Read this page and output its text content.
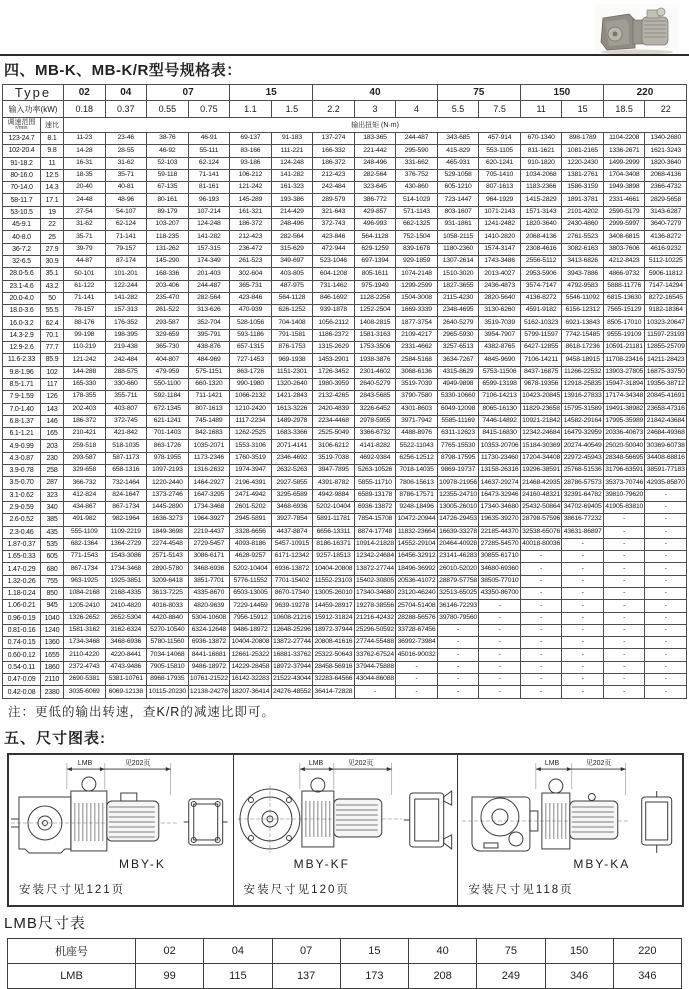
四、MB-K、MB-K/R型号规格表：
Type		02	04	07		15		40			75		150		220	
输入功率(kW)		0.18	0.37	0.55	0.75	1.1	1.5	2.2	3	4	5.5	7.5	11	15	18.5	22

调速范围
r/min	速比	输出扭矩 (N·m)														
123-24.7	8.1	11-23	23-46	38-76	46-91	69-137	91-183	137-274	183-365	244-487	343-685	457-914	670-1340	898-1789	1104-2208	1340-2680
102-20.4	9.8	14-28	28-55	46-92	55-111	83-166	111-221	166-332	221-442	295-590	415-829	553-1105	811-1621	1081-2165	1336-2671	1621-3243
91-18.2	11	16-31	31-62	52-103	62-124	93-186	124-248	186-372	248-496	331-662	465-931	620-1241	910-1820	1220-2430	1499-2999	1820-3640
80-16.0	12.5	18-35	35-71	59-118	71-141	106-212	141-282	212-423	282-564	376-752	529-1058	705-1410	1034-2068	1381-2761	1704-3408	2068-4136
70-14.0	14.3	20-40	40-81	67-135	81-161	121-242	161-323	242-484	323-645	430-860	605-1210	807-1613	1183-2366	1586-3159	1949-3898	2366-4732
58-11.7	17.1	24-48	48-96	80-161	96-193	145-289	193-386	289-579	386-772	514-1029	723-1447	964-1929	1415-2829	1891-3781	2331-4661	2829-5658
53-10.5	19	27-54	54-107	89-179	107-214	161-321	214-429	321-643	429-857	571-1143	803-1607	1071-2143	1571-3143	2101-4202	2590-5179	3143-6287
45-9.1	22	31-62	62-124	103-207	124-248	186-372	248-496	372-743	496-993	662-1325	931-1861	1241-2482	1820-3640	2430-4860	2999-5997	3640-7279
40-8.0	25	35-71	71-141	118-235	141-282	212-423	282-564	423-846	564-1128	752-1504	1058-2115	1410-2820	2068-4136	2761-5523	3408-6815	4136-8272
36-7.2	27.9	39-79	79-157	131-262	157-315	236-472	315-629	472-944	629-1259	839-1678	1180-2360	1574-3147	2308-4616	3082-6163	3803-7606	4616-9232
32-6.5	30.9	44-87	87-174	145-290	174-349	261-523	349-697	523-1046	697-1394	929-1859	1307-2614	1743-3486	2556-5112	3413-6826	4212-8423	5112-10225
28.0-5.6	35.1	50-101	101-201	168-336	201-403	302-604	403-805	604-1208	805-1611	1074-2148	1510-3020	2013-4027	2953-5906	3943-7886	4866-9732	5906-11812
23.1-4.6	43.2	61-122	122-244	203-406	244-487	365-731	487-975	731-1462	975-1949	1299-2599	1827-3655	2436-4873	3574-7147	4792-9583	5888-11776	7147-14294
20.0-4.0	50	71-141	141-282	235-470	282-564	423-846	564-1128	846-1692	1128-2256	1504-3008	2115-4230	2820-5640	4136-8272	5546-11092	6815-13630	8272-16545
18.0-3.6	55.5	78-157	157-313	261-522	313-626	470-939	626-1252	939-1878	1252-2504	1669-3339	2348-4695	3130-6260	4591-9182	6156-12312	7565-15129	9182-18364
16.0-3.2	62.4	88-176	176-352	293-587	352-704	528-1056	704-1408	1056-2112	1408-2815	1877-3754	2640-5279	3519-7039	5162-10323	6921-13843	8505-17010	10323-20647
14.3-2.9	70.1	99-198	198-395	329-659	395-791	593-1186	791-1581	1186-2372	1581-3163	2109-4217	2965-5930	3954-7907	5799-11597	7742-15485	9555-19109	11597-23193
12.9-2.6	77.7	110-219	219-438	365-730	438-876	657-1315	876-1753	1315-2629	1753-3506	2331-4662	3257-6513	4382-8765	6427-12855	8618-17236	10591-21181	12855-25709
11.6-2.33	85.9	121-242	242-484	404-807	484-969	727-1453	969-1938	1453-2901	1938-3876	2584-5168	3634-7267	4845-9690	7106-14211	9458-18915	11708-23416	14211-28423
9.8-1.96	102	144-288	288-575	479-959	575-1151	863-1726	1151-2301	1726-3452	2301-4602	3068-6136	4315-8629	5753-11506	8437-16875	11266-22532	13903-27805	16875-33750
8.5-1.71	117	165-330	330-660	550-1100	660-1320	990-1980	1320-2640	1980-3959	2640-5279	3519-7039	4949-9898	6599-13198	9678-19356	12918-25835	15947-31894	19356-38712
7.9-1.59	126	178-355	355-711	592-1184	711-1421	1066-2132	1421-2843	2132-4265	2843-5685	3790-7580	5330-10660	7106-14213	10423-20845	13916-27833	17174-34348	20845-41691
7.0-1.40	143	202-403	403-807	672-1345	807-1613	1210-2420	1613-3226	2420-4839	3226-6452	4301-8603	6049-12098	8065-16130	11829-23658	15795-31589	19491-38982	23658-47316
6.8-1.37	146	186-372	372-745	621-1241	745-1489	1117-2234	1489-2978	2234-4468	2978-5955	3971-7942	5585-11169	7446-14892	10921-21842	14582-29164	17995-35989	21842-43684
6.1-1.21	165	210-421	421-842	701-1403	842-1683	1262-2525	1683-3366	2525-5049	3366-6732	4488-8976	6311-12623	8415-16830	12342-24684	16479-32959	20336-40673	24684-49368
4.9-0.99	203	259-518	518-1035	863-1726	1035-2071	1553-3106	2071-4141	3106-6212	4141-8282	5522-11043	7765-15530	10353-20706	15184-30369	20274-40549	25020-50040	30369-60738
4.3-0.87	230	293-587	587-1173	978-1955	1173-2346	1760-3519	2346-4692	3519-7038	4692-9384	6256-12512	8798-17595	11730-23460	17204-34408	22972-45943	28348-56695	34408-68816
3.9-0.78	258	329-658	658-1316	1097-2193	1316-2632	1974-3947	2632-5263	3947-7895	5263-10526	7018-14035	9869-19737	13158-26316	19296-38591	25768-51536	31796-63591	38591-77183
3.5-0.70	287	366-732	732-1464	1220-2440	1464-2927	2196-4391	2927-5855	4391-8782	5855-11710	7806-15613	10978-21956	14637-29274	21468-42935	28786-57573	35373-70746	42935-85870
3.1-0.62	323	412-824	824-1647	1373-2746	1647-3295	2471-4942	3295-6589	4942-9884	6589-13178	8786-17571	12355-24710	16473-32946	24160-48321	32391-64782	39810-79620	-
2.9-0.59	340	434-867	867-1734	1445-2890	1734-3468	2601-5202	3468-6936	5202-10404	6936-13872	9248-18496	13005-26010	17340-34680	25432-50864	34702-69405	41905-83810	-
2.6-0.52	385	491-982	982-1964	1636-3273	1964-3927	2945-5891	3927-7854	5891-11781	7854-15708	10472-20944	14726-29453	19635-39270	28798-57596	38616-77232	-	-
2.3-0.46	435	555-1109	1109-2219	1849-3698	2219-4437	3328-6656	4437-8874	6656-13311	8874-17748	11832-23664	16639-33278	22185-44370	32538-65076	43631-86897	-	-
1.87-0.37	535	682-1364	1364-2729	2274-4548	2729-5457	4093-8186	5457-10915	8186-16371	10914-21828	14552-29104	20464-40928	27285-54570	40018-80036	-	-	-
1.65-0.33	605	771-1543	1543-3086	2571-5143	3086-6171	4628-9257	6171-12342	9257-18513	12342-24684	16456-32912	23141-46283	30855-61710	-	-	-	-
1.47-0.29	680	867-1734	1734-3468	2890-5780	3468-6936	5202-10404	6936-13872	10404-20808	13872-27744	18496-36992	26010-52020	34680-69360	-	-	-	-
1.32-0.26	755	963-1925	1925-3851	3209-6418	3851-7701	5776-11552	7701-15402	11552-23103	15402-30805	20536-41072	28879-57758	38505-77010	-	-	-	-
1.18-0.24	850	1084-2168	2168-4335	3613-7225	4335-8670	6503-13005	8670-17340	13005-26010	17340-34680	23120-46240	32513-65025	43350-86700	-	-	-	-
1.06-0.21	945	1205-2410	2410-4820	4016-8033	4820-9639	7229-14459	9639-19278	14459-28917	19278-38556	25704-51408	36146-72293	-	-	-	-	-
0.96-0.19	1040	1326-2652	2652-5304	4420-8840	5304-10608	7956-15912	10608-21216	15912-31824	21216-42432	28288-56576	39780-79560	-	-	-	-	-
0.81-0.16	1240	1581-3162	3162-6324	5270-10540	6324-12648	9486-18972	12648-25296	18972-37944	25296-50592	33728-67456	-	-	-	-	-	-
0.74-0.15	1360	1734-3468	3468-6936	5780-11560	6936-13872	10404-20808	13872-27744	20808-41616	27744-55488	36992-73984	-	-	-	-	-	-
0.60-0.12	1655	2110-4220	4220-8441	7034-14068	8441-16881	12661-25322	16881-33762	25322-50643	33762-67524	45016-90032	-	-	-	-	-	-
0.54-0.11	1860	2372-4743	4743-9486	7905-15810	9486-18972	14229-28458	18972-37944	28458-56916	37944-75888	-	-	-	-	-	-	-
0.47-0.09	2110	2690-5381	5381-10761	8968-17935	10761-21522	16142-32283	21522-43044	32283-64566	43044-86088	-	-	-	-	-	-	-
0.42-0.08	2380	3035-6069	6069-12138	10115-20230	12138-24276	18207-36414	24276-48552	36414-72828	-	-	-	-	-	-	-	-
注：更低的输出转速，查K/R的减速比即可。
五、尺寸图表:
LMB	见202页
MBY-K
安装尺寸见121页
LMB	见202页
MBY-KF
安装尺寸见120页
LMB	见202页
MBY-KA
安装尺寸见118页
LMB尺寸表
机座号	02	04	07	15	40	75	150	220
LMB	99	115	137	173	208	249	346	346
